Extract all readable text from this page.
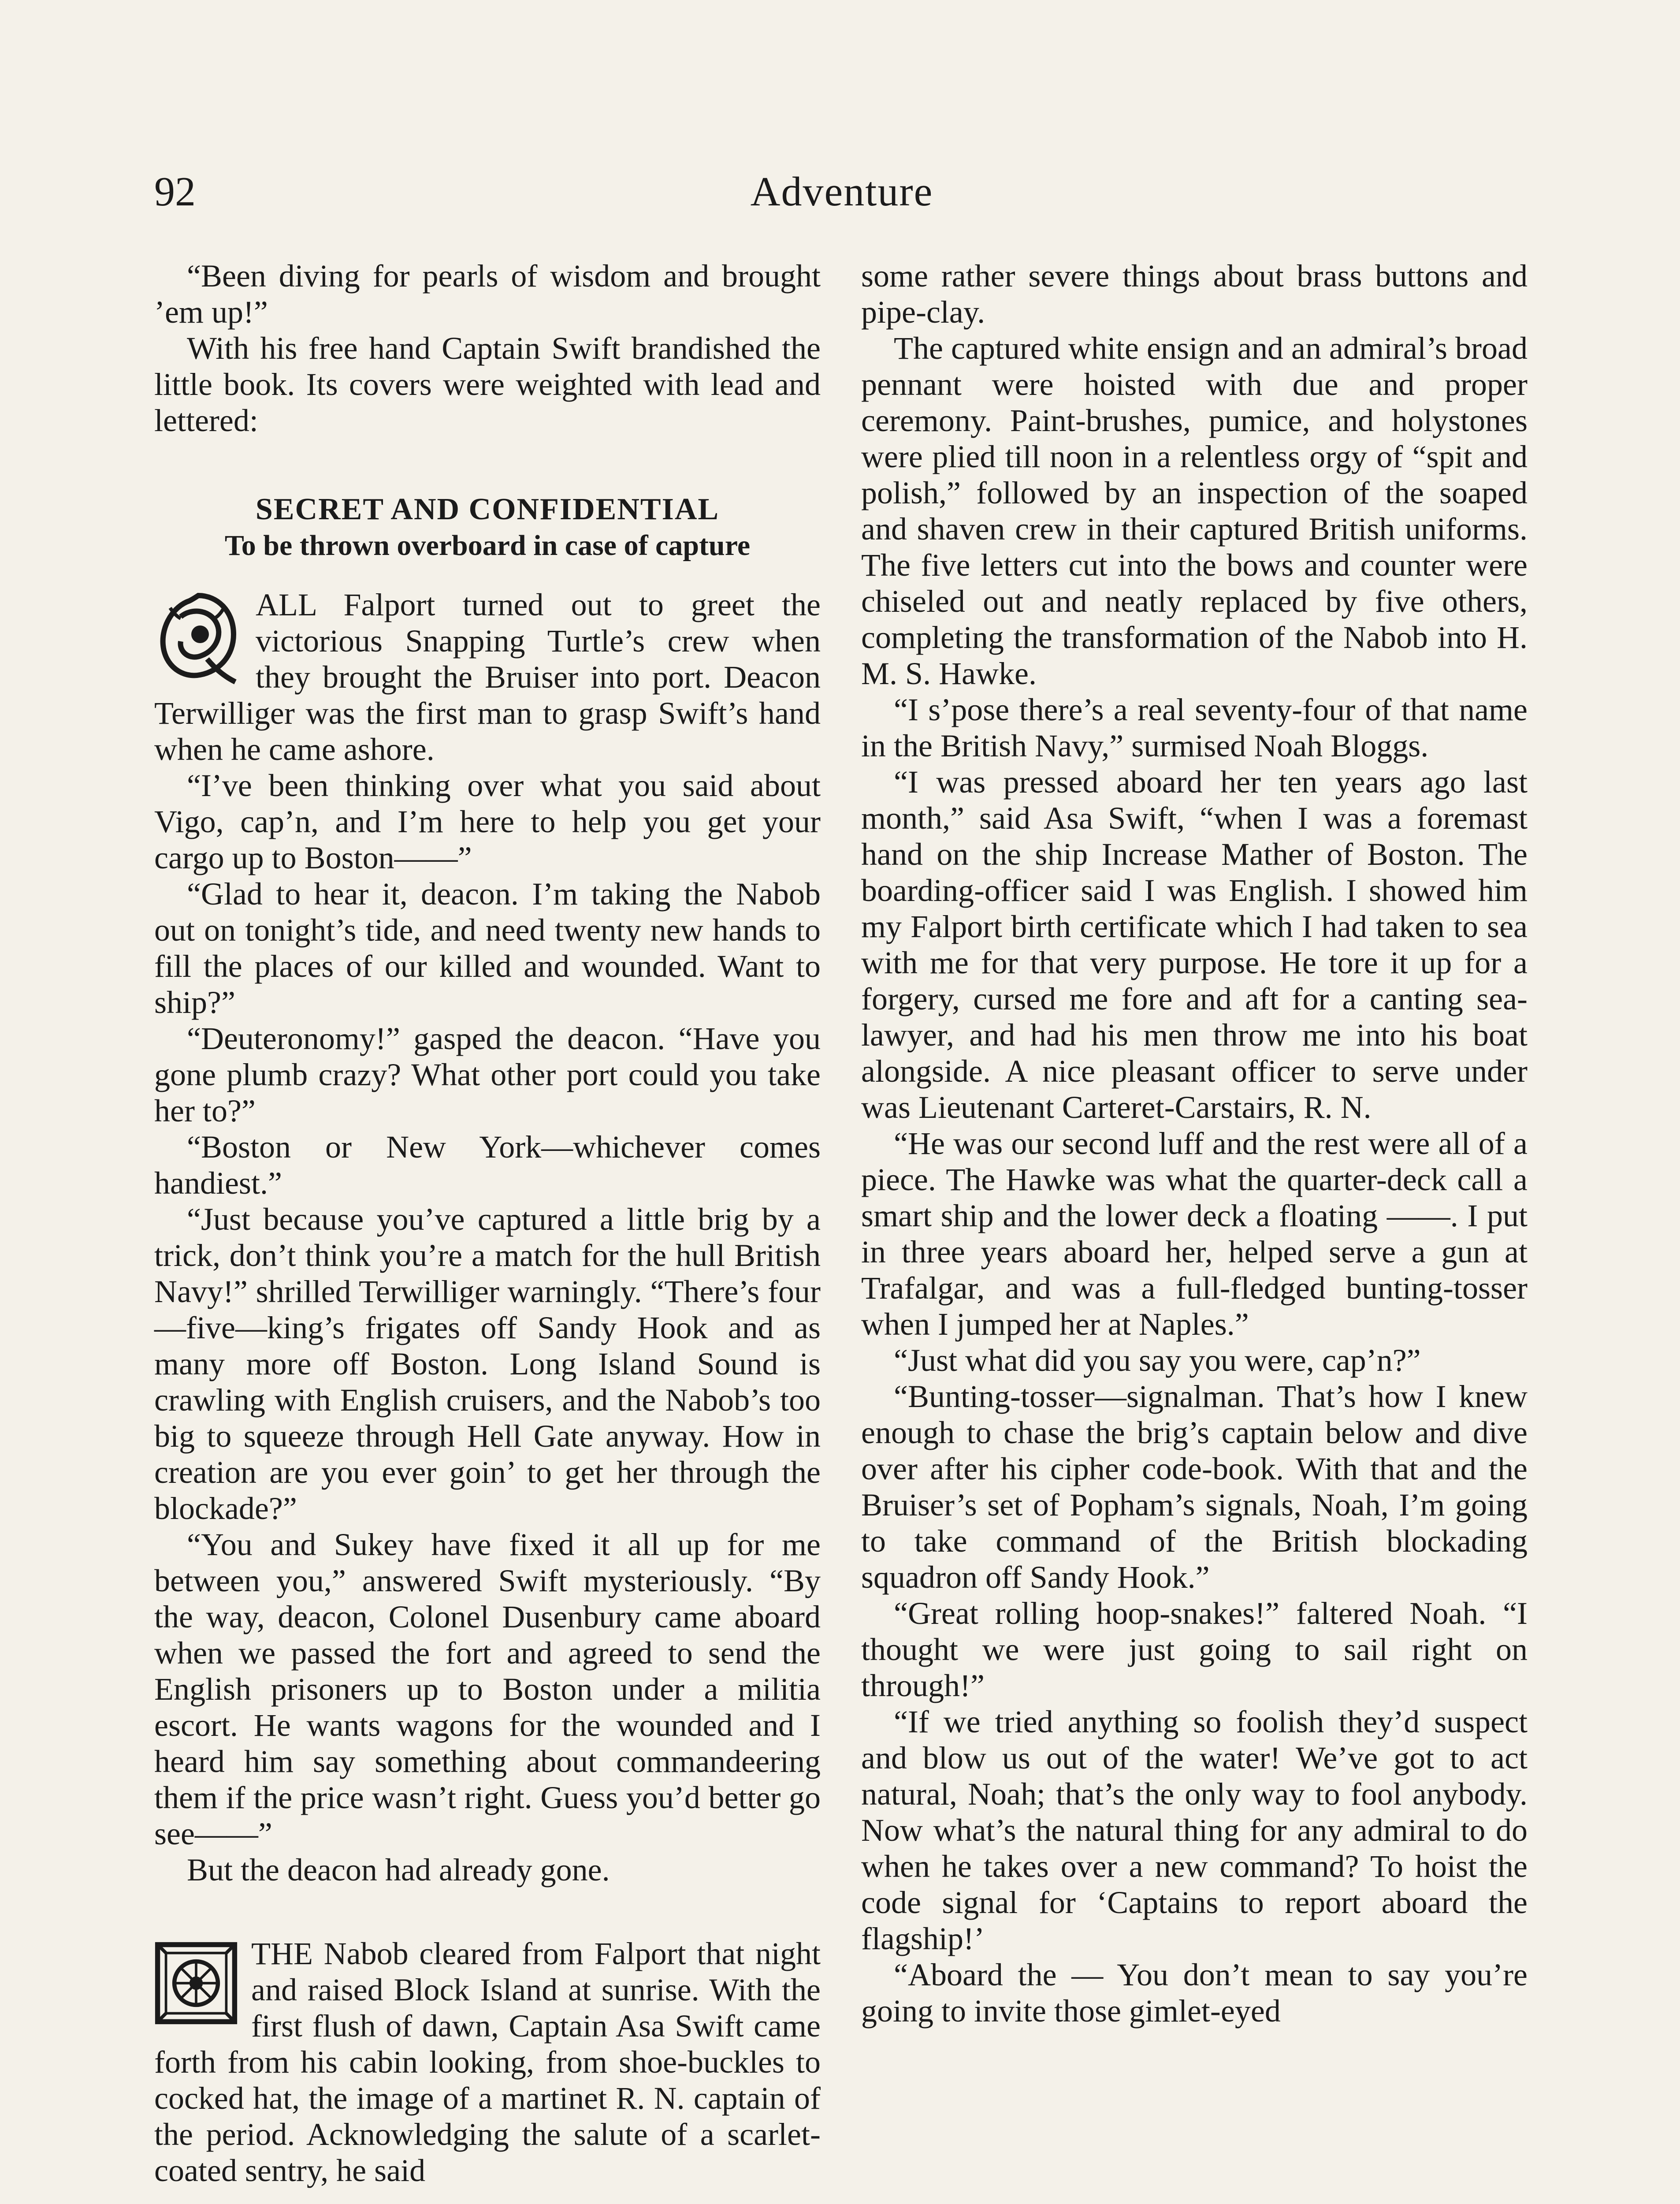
92	Adventure

“Been diving for pearls of wisdom and brought ’em up!”

With his free hand Captain Swift brandished the little book. Its covers were weighted with lead and lettered:

SECRET AND CONFIDENTIAL
To be thrown overboard in case of capture

ALL Falport turned out to greet the victorious Snapping Turtle’s crew when they brought the Bruiser into port. Deacon Terwilliger was the first man to grasp Swift’s hand when he came ashore.

“I’ve been thinking over what you said about Vigo, cap’n, and I’m here to help you get your cargo up to Boston——”

“Glad to hear it, deacon. I’m taking the Nabob out on tonight’s tide, and need twenty new hands to fill the places of our killed and wounded. Want to ship?”

“Deuteronomy!” gasped the deacon. “Have you gone plumb crazy? What other port could you take her to?”

“Boston or New York—whichever comes handiest.”

“Just because you’ve captured a little brig by a trick, don’t think you’re a match for the hull British Navy!” shrilled Terwilliger warningly. “There’s four—five—king’s frigates off Sandy Hook and as many more off Boston. Long Island Sound is crawling with English cruisers, and the Nabob’s too big to squeeze through Hell Gate anyway. How in creation are you ever goin’ to get her through the blockade?”

“You and Sukey have fixed it all up for me between you,” answered Swift mysteriously. “By the way, deacon, Colonel Dusenbury came aboard when we passed the fort and agreed to send the English prisoners up to Boston under a militia escort. He wants wagons for the wounded and I heard him say something about commandeering them if the price wasn’t right. Guess you’d better go see——”

But the deacon had already gone.

THE Nabob cleared from Falport that night and raised Block Island at sunrise. With the first flush of dawn, Captain Asa Swift came forth from his cabin looking, from shoe-buckles to cocked hat, the image of a martinet R. N. captain of the period. Acknowledging the salute of a scarlet-coated sentry, he said

some rather severe things about brass buttons and pipe-clay.

The captured white ensign and an admiral’s broad pennant were hoisted with due and proper ceremony. Paint-brushes, pumice, and holystones were plied till noon in a relentless orgy of “spit and polish,” followed by an inspection of the soaped and shaven crew in their captured British uniforms. The five letters cut into the bows and counter were chiseled out and neatly replaced by five others, completing the transformation of the Nabob into H. M. S. Hawke.

“I s’pose there’s a real seventy-four of that name in the British Navy,” surmised Noah Bloggs.

“I was pressed aboard her ten years ago last month,” said Asa Swift, “when I was a foremast hand on the ship Increase Mather of Boston. The boarding-officer said I was English. I showed him my Falport birth certificate which I had taken to sea with me for that very purpose. He tore it up for a forgery, cursed me fore and aft for a canting sea-lawyer, and had his men throw me into his boat alongside. A nice pleasant officer to serve under was Lieutenant Carteret-Carstairs, R. N.

“He was our second luff and the rest were all of a piece. The Hawke was what the quarter-deck call a smart ship and the lower deck a floating ——. I put in three years aboard her, helped serve a gun at Trafalgar, and was a full-fledged bunting-tosser when I jumped her at Naples.”

“Just what did you say you were, cap’n?”

“Bunting-tosser—signalman. That’s how I knew enough to chase the brig’s captain below and dive over after his cipher code-book. With that and the Bruiser’s set of Popham’s signals, Noah, I’m going to take command of the British blockading squadron off Sandy Hook.”

“Great rolling hoop-snakes!” faltered Noah. “I thought we were just going to sail right on through!”

“If we tried anything so foolish they’d suspect and blow us out of the water! We’ve got to act natural, Noah; that’s the only way to fool anybody. Now what’s the natural thing for any admiral to do when he takes over a new command? To hoist the code signal for ‘Captains to report aboard the flagship!’

“Aboard the — You don’t mean to say you’re going to invite those gimlet-eyed
